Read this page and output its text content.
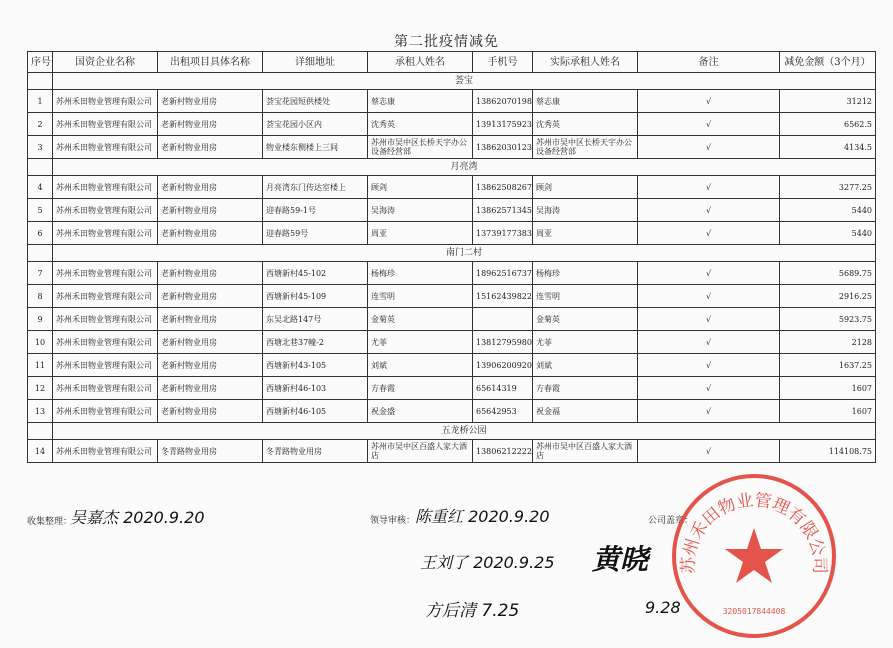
第二批疫情减免
序号	国资企业名称	出租项目具体名称	详细地址	承租人姓名	手机号	实际承租人姓名	备注	减免金额（3个月）
	荟宝							
1	苏州禾田物业管理有限公司	老新村物业用房	荟宝花园短供楼处	蔡志康	13862070198	蔡志康	√	31212
2	苏州禾田物业管理有限公司	老新村物业用房	荟宝花园小区内	沈秀英	13913175923	沈秀英	√	6562.5
3	苏州禾田物业管理有限公司	老新村物业用房	物业楼东侧楼上三间	苏州市吴中区长桥天宇办公设备经营部	13862030123	苏州市吴中区长桥天宇办公设备经营部	√	4134.5
	月亮湾							
4	苏州禾田物业管理有限公司	老新村物业用房	月亮湾东门传达室楼上	顾剑	13862508267	顾剑	√	3277.25
5	苏州禾田物业管理有限公司	老新村物业用房	迎春路59-1号	吴海涛	13862571345	吴海涛	√	5440
6	苏州禾田物业管理有限公司	老新村物业用房	迎春路59号	周亚	13739177383	周亚	√	5440
	南门二村							
7	苏州禾田物业管理有限公司	老新村物业用房	西塘新村45-102	杨梅珍	18962516737	杨梅珍	√	5689.75
8	苏州禾田物业管理有限公司	老新村物业用房	西塘新村45-109	连雪明	15162439822	连雪明	√	2916.25
9	苏州禾田物业管理有限公司	老新村物业用房	东吴北路147号	金菊英		金菊英	√	5923.75
10	苏州禾田物业管理有限公司	老新村物业用房	西塘北巷37幢-2	尤菲	13812795980	尤菲	√	2128
11	苏州禾田物业管理有限公司	老新村物业用房	西塘新村43-105	刘斌	13906200920	刘斌	√	1637.25
12	苏州禾田物业管理有限公司	老新村物业用房	西塘新村46-103	方春霞	65614319	方春霞	√	1607
13	苏州禾田物业管理有限公司	老新村物业用房	西塘新村46-105	祝金盛	65642953	祝金福	√	1607
	五龙桥公园							
14	苏州禾田物业管理有限公司	冬青路物业用房	冬青路物业用房	苏州市吴中区百盛人家大酒店	13806212222	苏州市吴中区百盛人家大酒店	√	114108.75
收集整理：
吴嘉杰 2020.9.20	领导审核： 陈重红 2020.9.20
王刘了 2020.9.25
方后清 7.25
黄晓
9.28
公司盖章：
苏州禾田物业管理有限公司
3205017844408
